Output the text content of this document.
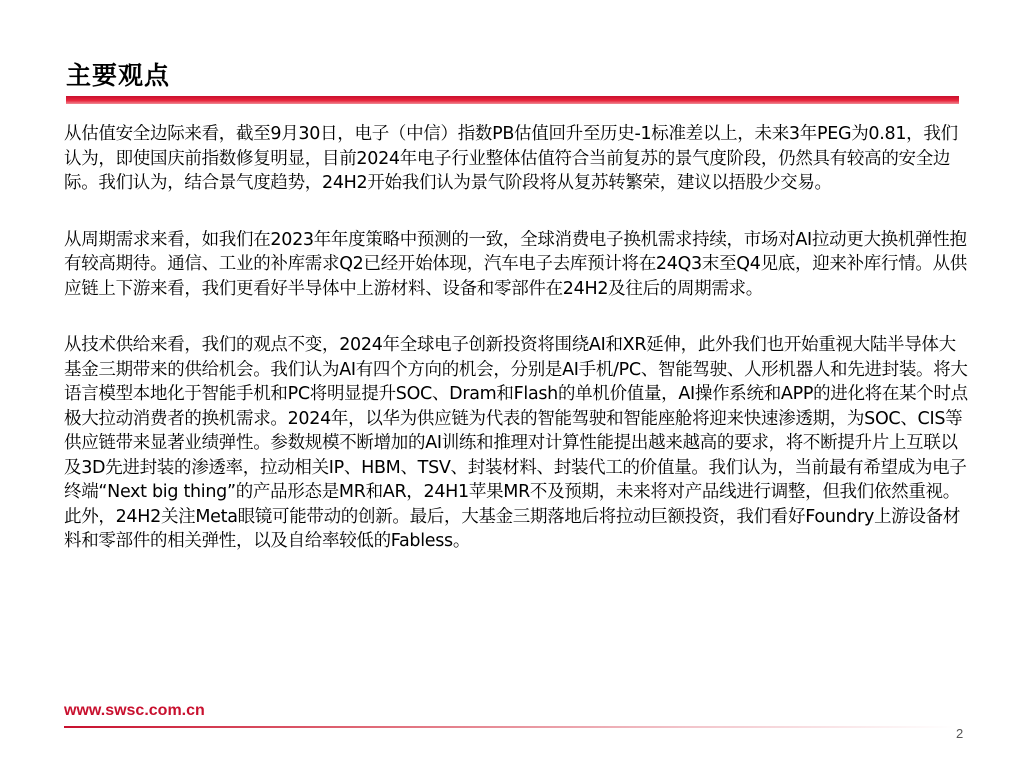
主要观点

从估值安全边际来看，截至9月30日，电子（中信）指数PB估值回升至历史-1标准差以上，未来3年PEG为0.81，我们认为，即使国庆前指数修复明显，目前2024年电子行业整体估值符合当前复苏的景气度阶段，仍然具有较高的安全边际。我们认为，结合景气度趋势，24H2开始我们认为景气阶段将从复苏转繁荣，建议以捂股少交易。

从周期需求来看，如我们在2023年年度策略中预测的一致，全球消费电子换机需求持续，市场对AI拉动更大换机弹性抱有较高期待。通信、工业的补库需求Q2已经开始体现，汽车电子去库预计将在24Q3末至Q4见底，迎来补库行情。从供应链上下游来看，我们更看好半导体中上游材料、设备和零部件在24H2及往后的周期需求。

从技术供给来看，我们的观点不变，2024年全球电子创新投资将围绕AI和XR延伸，此外我们也开始重视大陆半导体大基金三期带来的供给机会。我们认为AI有四个方向的机会，分别是AI手机/PC、智能驾驶、人形机器人和先进封装。将大语言模型本地化于智能手机和PC将明显提升SOC、Dram和Flash的单机价值量，AI操作系统和APP的进化将在某个时点极大拉动消费者的换机需求。2024年，以华为供应链为代表的智能驾驶和智能座舱将迎来快速渗透期，为SOC、CIS等供应链带来显著业绩弹性。参数规模不断增加的AI训练和推理对计算性能提出越来越高的要求，将不断提升片上互联以及3D先进封装的渗透率，拉动相关IP、HBM、TSV、封装材料、封装代工的价值量。我们认为，当前最有希望成为电子终端“Next big thing”的产品形态是MR和AR，24H1苹果MR不及预期，未来将对产品线进行调整，但我们依然重视。此外，24H2关注Meta眼镜可能带动的创新。最后，大基金三期落地后将拉动巨额投资，我们看好Foundry上游设备材料和零部件的相关弹性，以及自给率较低的Fabless。

www.swsc.com.cn
2
